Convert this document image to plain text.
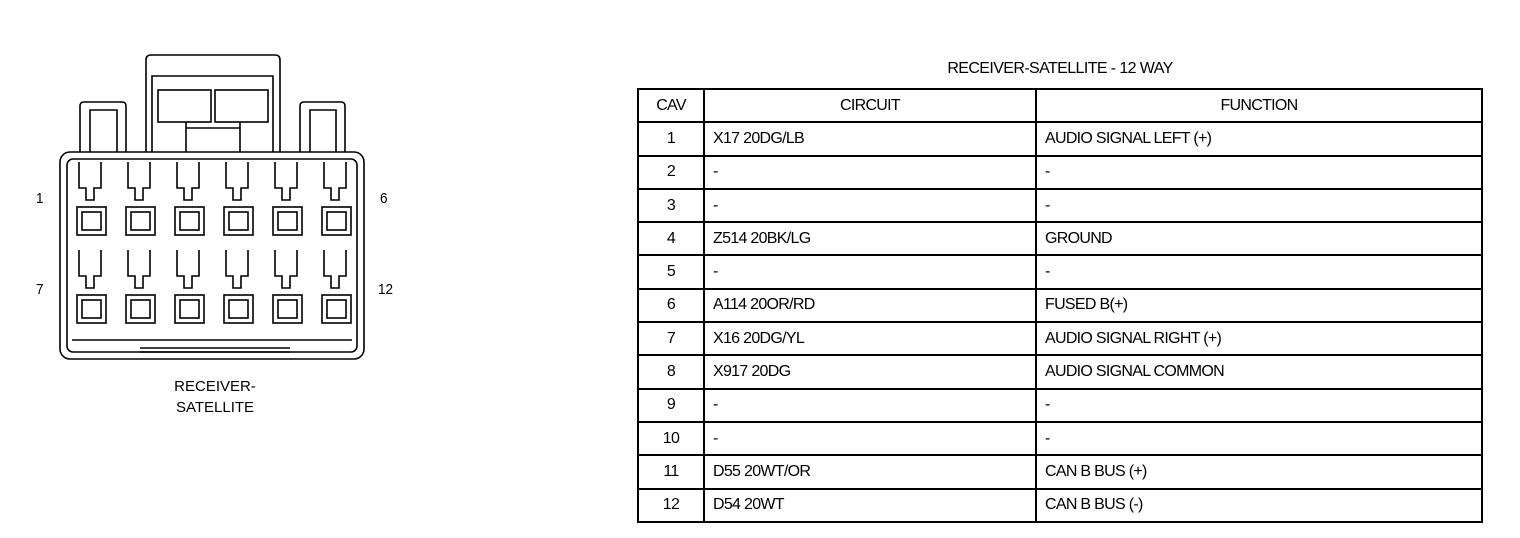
1	6
7	12
RECEIVER-
SATELLITE
RECEIVER-SATELLITE - 12 WAY
CAV	CIRCUIT	FUNCTION
1	X17 20DG/LB	AUDIO SIGNAL LEFT (+)
2	-	-
3	-	-
4	Z514 20BK/LG	GROUND
5	-	-
6	A114 20OR/RD	FUSED B(+)
7	X16 20DG/YL	AUDIO SIGNAL RIGHT (+)
8	X917 20DG	AUDIO SIGNAL COMMON
9	-	-
10	-	-
11	D55 20WT/OR	CAN B BUS (+)
12	D54 20WT	CAN B BUS (-)
